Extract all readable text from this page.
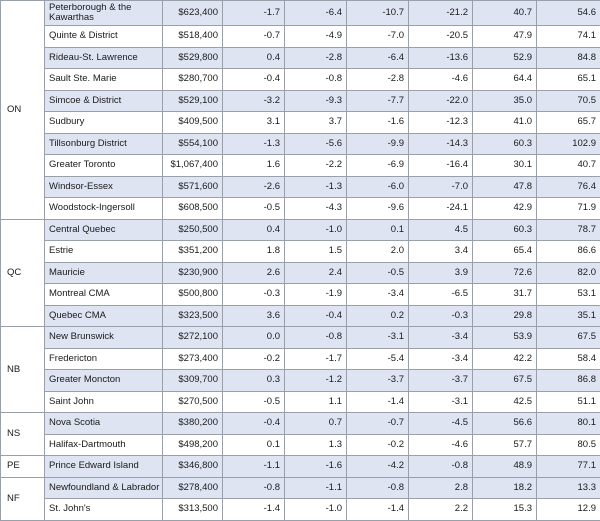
ON	Peterborough & the Kawarthas	$623,400	-1.7	-6.4	-10.7	-21.2	40.7	54.6
	Quinte & District	$518,400	-0.7	-4.9	-7.0	-20.5	47.9	74.1
	Rideau-St. Lawrence	$529,800	0.4	-2.8	-6.4	-13.6	52.9	84.8
	Sault Ste. Marie	$280,700	-0.4	-0.8	-2.8	-4.6	64.4	65.1
	Simcoe & District	$529,100	-3.2	-9.3	-7.7	-22.0	35.0	70.5
	Sudbury	$409,500	3.1	3.7	-1.6	-12.3	41.0	65.7
	Tillsonburg District	$554,100	-1.3	-5.6	-9.9	-14.3	60.3	102.9
	Greater Toronto	$1,067,400	1.6	-2.2	-6.9	-16.4	30.1	40.7
	Windsor-Essex	$571,600	-2.6	-1.3	-6.0	-7.0	47.8	76.4
	Woodstock-Ingersoll	$608,500	-0.5	-4.3	-9.6	-24.1	42.9	71.9
QC	Central Quebec	$250,500	0.4	-1.0	0.1	4.5	60.3	78.7
	Estrie	$351,200	1.8	1.5	2.0	3.4	65.4	86.6
	Mauricie	$230,900	2.6	2.4	-0.5	3.9	72.6	82.0
	Montreal CMA	$500,800	-0.3	-1.9	-3.4	-6.5	31.7	53.1
	Quebec CMA	$323,500	3.6	-0.4	0.2	-0.3	29.8	35.1
NB	New Brunswick	$272,100	0.0	-0.8	-3.1	-3.4	53.9	67.5
	Fredericton	$273,400	-0.2	-1.7	-5.4	-3.4	42.2	58.4
	Greater Moncton	$309,700	0.3	-1.2	-3.7	-3.7	67.5	86.8
	Saint John	$270,500	-0.5	1.1	-1.4	-3.1	42.5	51.1
NS	Nova Scotia	$380,200	-0.4	0.7	-0.7	-4.5	56.6	80.1
	Halifax-Dartmouth	$498,200	0.1	1.3	-0.2	-4.6	57.7	80.5
PE	Prince Edward Island	$346,800	-1.1	-1.6	-4.2	-0.8	48.9	77.1
NF	Newfoundland & Labrador	$278,400	-0.8	-1.1	-0.8	2.8	18.2	13.3
	St. John's	$313,500	-1.4	-1.0	-1.4	2.2	15.3	12.9
